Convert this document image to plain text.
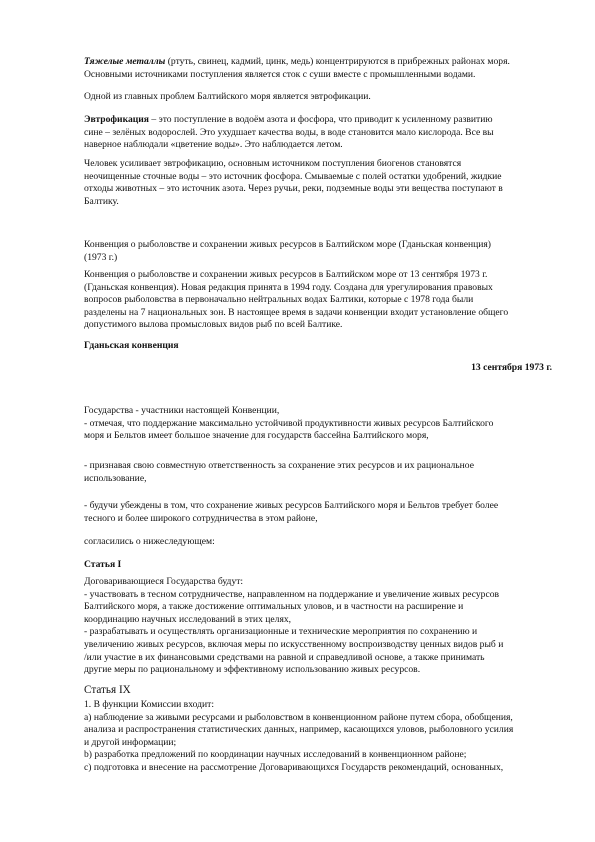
Тяжелые металлы (ртуть, свинец, кадмий, цинк, медь) концентрируются в прибрежных районах моря.
Основными источниками поступления является сток с суши вместе с промышленными водами.
Одной из главных проблем Балтийского моря является эвтрофикации.
Эвтрофикация – это поступление в водоём азота и фосфора, что приводит к усиленному развитию
сине – зелёных водорослей. Это ухудшает качества воды, в воде становится мало кислорода. Все вы
наверное наблюдали «цветение воды». Это наблюдается летом.
Человек усиливает эвтрофикацию, основным источником поступления биогенов становятся
неочищенные сточные воды – это источник фосфора. Смываемые с полей остатки удобрений, жидкие
отходы животных – это источник азота. Через ручьи, реки, подземные воды эти вещества поступают в
Балтику.
Конвенция о рыболовстве и сохранении живых ресурсов в Балтийском море (Гданьская конвенция)
(1973 г.)
Конвенция о рыболовстве и сохранении живых ресурсов в Балтийском море от 13 сентября 1973 г.
(Гданьская конвенция). Новая редакция принята в 1994 году. Создана для урегулирования правовых
вопросов рыболовства в первоначально нейтральных водах Балтики, которые с 1978 года были
разделены на 7 национальных зон. В настоящее время в задачи конвенции входит установление общего
допустимого вылова промысловых видов рыб по всей Балтике.
Гданьская конвенция
13 сентября 1973 г.
Государства - участники настоящей Конвенции,
- отмечая, что поддержание максимально устойчивой продуктивности живых ресурсов Балтийского
моря и Бельтов имеет большое значение для государств бассейна Балтийского моря,
- признавая свою совместную ответственность за сохранение этих ресурсов и их рациональное
использование,
- будучи убеждены в том, что сохранение живых ресурсов Балтийского моря и Бельтов требует более
тесного и более широкого сотрудничества в этом районе,
согласились о нижеследующем:
Статья I
Договаривающиеся Государства будут:
- участвовать в тесном сотрудничестве, направленном на поддержание и увеличение живых ресурсов
Балтийского моря, а также достижение оптимальных уловов, и в частности на расширение и
координацию научных исследований в этих целях,
- разрабатывать и осуществлять организационные и технические мероприятия по сохранению и
увеличению живых ресурсов, включая меры по искусственному воспроизводству ценных видов рыб и
/или участие в их финансовыми средствами на равной и справедливой основе, а также принимать
другие меры по рациональному и эффективному использованию живых ресурсов.
Статья IX
1. В функции Комиссии входит:
a) наблюдение за живыми ресурсами и рыболовством в конвенционном районе путем сбора, обобщения,
анализа и распространения статистических данных, например, касающихся уловов, рыболовного усилия
и другой информации;
b) разработка предложений по координации научных исследований в конвенционном районе;
c) подготовка и внесение на рассмотрение Договаривающихся Государств рекомендаций, основанных,
